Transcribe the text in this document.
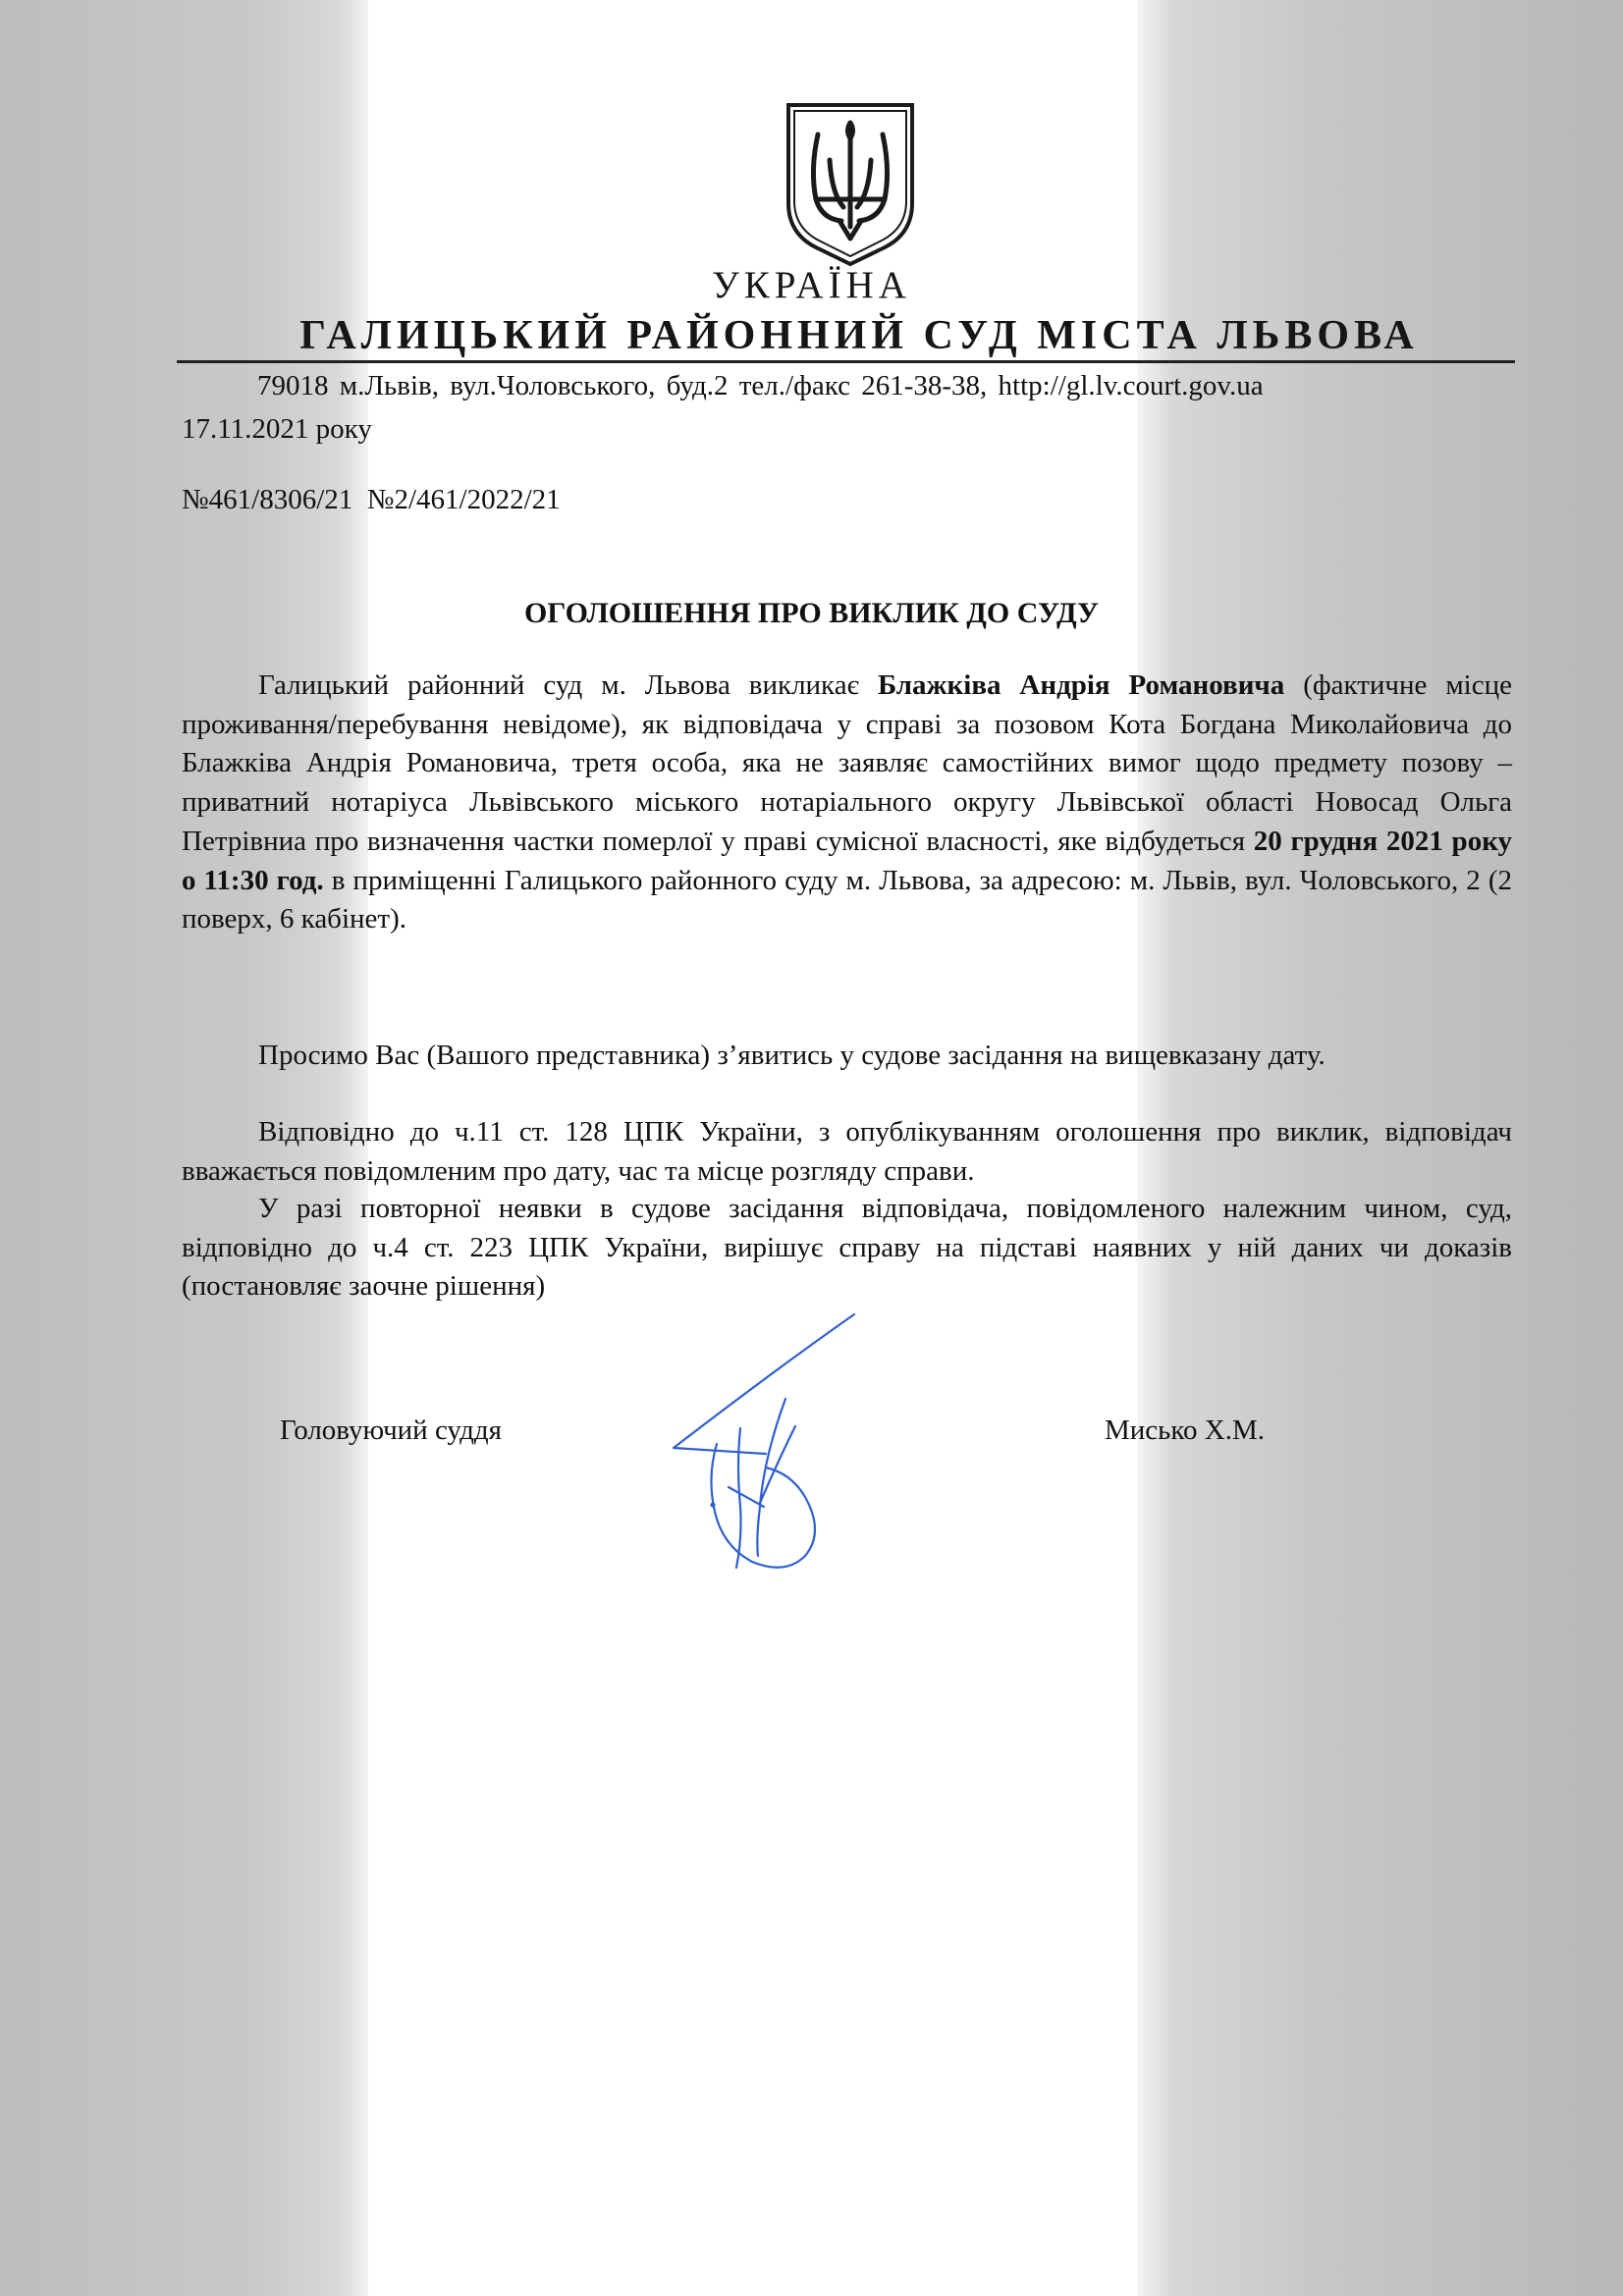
УКРАЇНА
ГАЛИЦЬКИЙ РАЙОННИЙ СУД МІСТА ЛЬВОВА
79018 м.Львів, вул.Чоловського, буд.2 тел./факс 261-38-38, http://gl.lv.court.gov.ua
17.11.2021 року
№461/8306/21  №2/461/2022/21
ОГОЛОШЕННЯ ПРО ВИКЛИК ДО СУДУ

Галицький районний суд м. Львова викликає Блажківа Андрія Романовича (фактичне місце проживання/перебування невідоме), як відповідача у справі за позовом Кота Богдана Миколайовича до Блажківа Андрія Романовича, третя особа, яка не заявляє самостійних вимог щодо предмету позову – приватний нотаріуса Львівського міського нотаріального округу Львівської області Новосад Ольга Петрівниа про визначення частки померлої у праві сумісної власності, яке відбудеться 20 грудня 2021 року о 11:30 год. в приміщенні Галицького районного суду м. Львова, за адресою: м. Львів, вул. Чоловського, 2 (2 поверх, 6 кабінет).

Просимо Вас (Вашого представника) з’явитись у судове засідання на вищевказану дату.

Відповідно до ч.11 ст. 128 ЦПК України, з опублікуванням оголошення про виклик, відповідач вважається повідомленим про дату, час та місце розгляду справи.

У разі повторної неявки в судове засідання відповідача, повідомленого належним чином, суд, відповідно до ч.4 ст. 223 ЦПК України, вирішує справу на підставі наявних у ній даних чи доказів (постановляє заочне рішення)

Головуючий суддя	Мисько Х.М.
